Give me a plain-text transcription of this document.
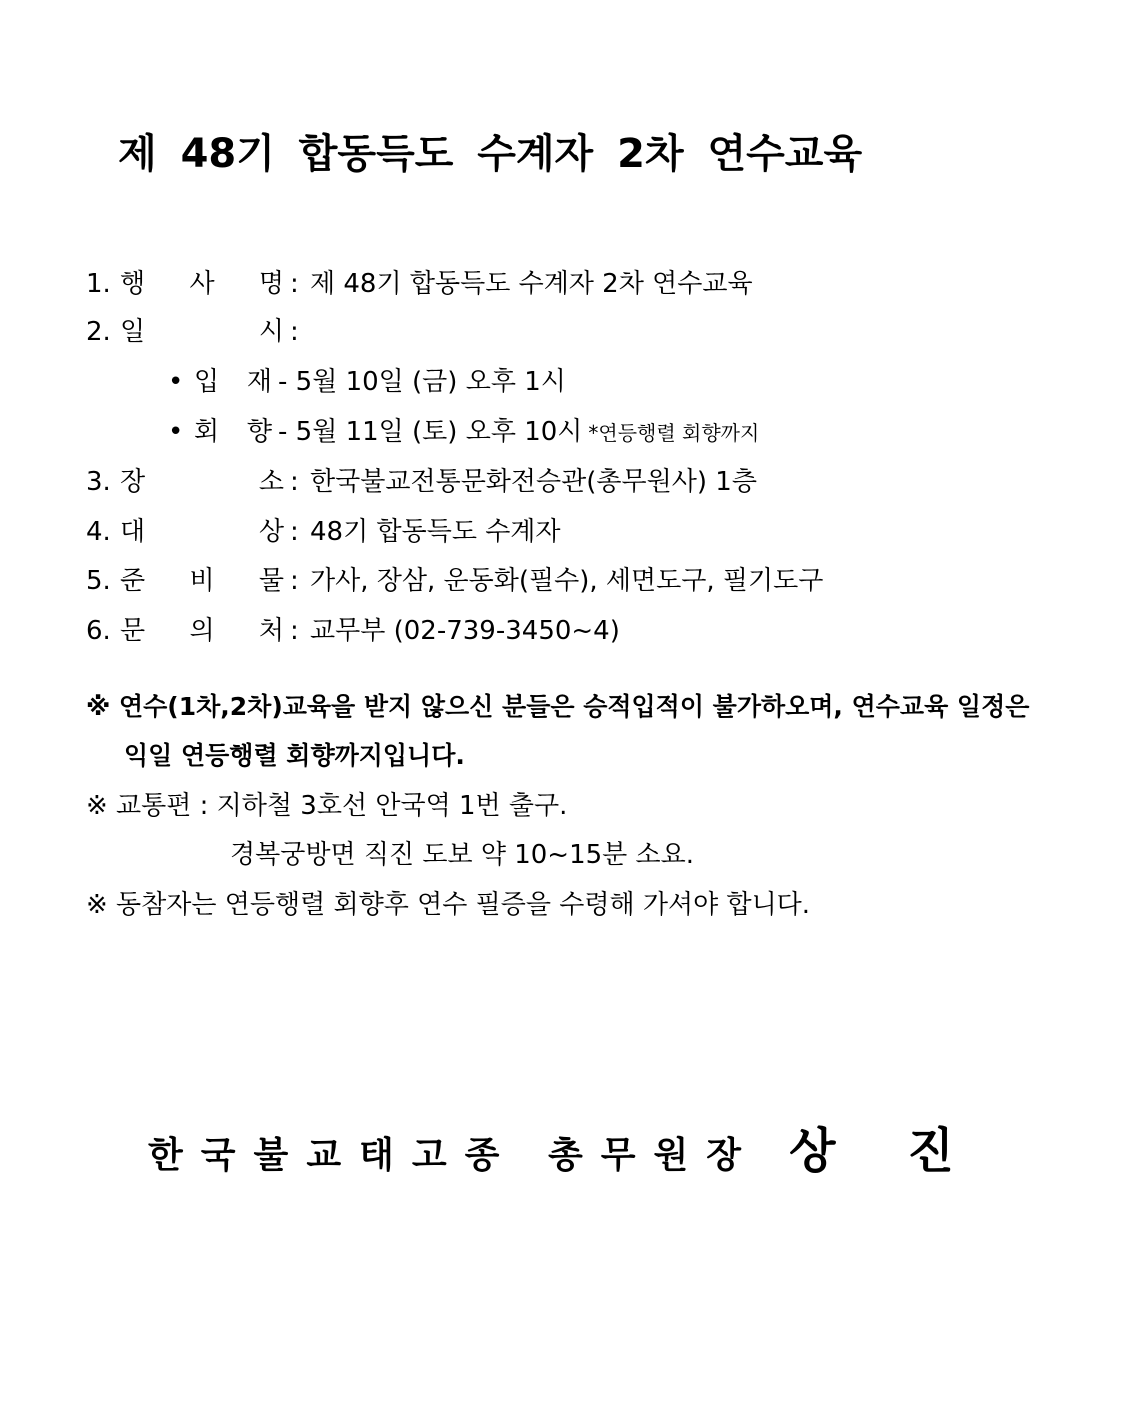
제 48기 합동득도 수계자 2차 연수교육
1. 행 사 명 : 제 48기 합동득도 수계자 2차 연수교육
2. 일	시 :
• 입 재 - 5월 10일 (금) 오후 1시
• 회 향 - 5월 11일 (토) 오후 10시 *연등행렬 회향까지
3. 장	소 : 한국불교전통문화전승관(총무원사) 1층
4. 대	상 : 48기 합동득도 수계자
5. 준 비 물 : 가사, 장삼, 운동화(필수), 세면도구, 필기도구
6. 문 의 처 : 교무부 (02-739-3450~4)
※ 연수(1차,2차)교육을 받지 않으신 분들은 승적입적이 불가하오며, 연수교육 일정은
익일 연등행렬 회향까지입니다.
※ 교통편 : 지하철 3호선 안국역 1번 출구.
경복궁방면 직진 도보 약 10~15분 소요.
※ 동참자는 연등행렬 회향후 연수 필증을 수령해 가셔야 합니다.
한국불교태고종 총무원장 상진
